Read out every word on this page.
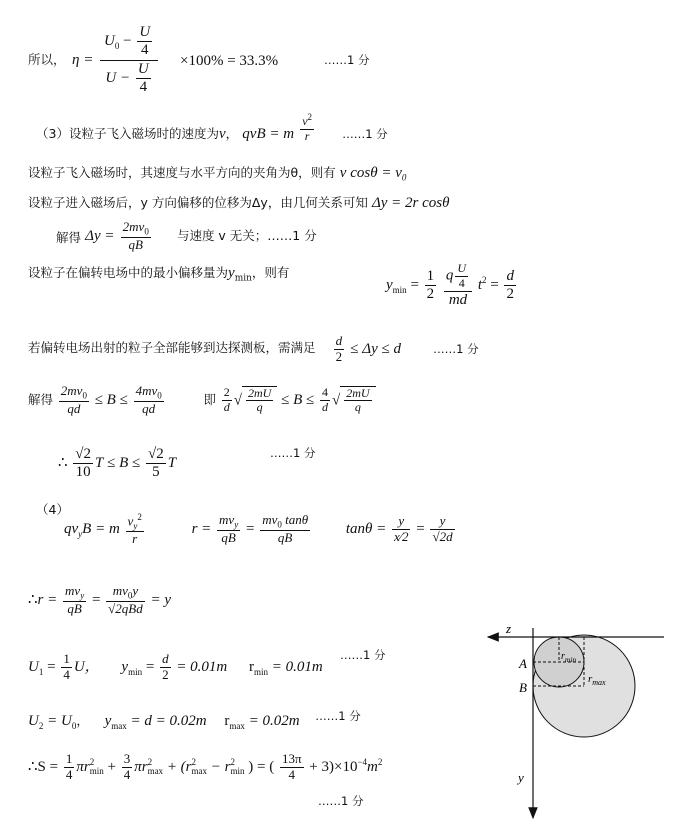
所以， η =
$U_0 - \frac{U}{4}$
$U - \frac{U}{4} \times 100\% = 33.3\%$	……1 分
（3）设粒子飞入磁场时的速度为v， qvB = m $\frac{v^2}{r}$ ……1 分
设粒子飞入磁场时，其速度与水平方向的夹角为θ，则有 v $\cos\theta = v_0$
设粒子进入磁场后，y 方向偏移的位移为Δy，由几何关系可知 Δy = 2r cosθ
解得 $\Delta y = \frac{2mv_0}{qB}$ 与速度 v 无关；……1 分
设粒子在偏转电场中的最小偏移量为$y_{min}$，则有
$y_{min} = \frac{1}{2}$
$\frac{q \frac{U}{4}}{md} t^2 = \frac{d}{2}$
若偏转电场出射的粒子全部能够到达探测板，需满足 $\frac{d}{2} \le \Delta y \le d$	……1 分
解得 $\frac{2mv_0}{qd} \le B \le \frac{4mv_0}{qd}$	即 $\frac{2}{d}$ √ $\frac{2mU}{q} \le B \le \frac{4}{d}$ √ $\frac{2mU}{q}$
∴ $\frac{√2}{10}$ $T \le B \le \frac{√2}{5}$ T
……1 分
（4）
$qv_yB = m \frac{v_y^2}{r}$	$r = \frac{mv_y}{qB} = \frac{mv_0 \tan\theta}{qB}$ $\tan\theta = \frac{y}{x⁄2} = \frac{y}{√2d}$
∴r = $\frac{mv_y}{qB} = \frac{mv_0y}{\text{√2qBd}} = y$
$U_1 = \frac{1}{4}$ U， $y_{min} = \frac{d}{2} = 0.01m$ $r_{min} = 0.01m$
……1 分
$U_2 = U_0$， $y_{max} = d = 0.02m$ $r_{max} = 0.02m$ $^{\dots\dots 1 分}$
∴S = $\frac{1}{4}$ πr 2
$\min + \frac{3}{4}$ πr 2
max + (r 2
max − r 2
min ) = ( $\frac{13\pi}{4} + 3)\times 10^{-4}m^2$
……1 分
z
y
A
B
$r_{min}$
$r_{max}$
